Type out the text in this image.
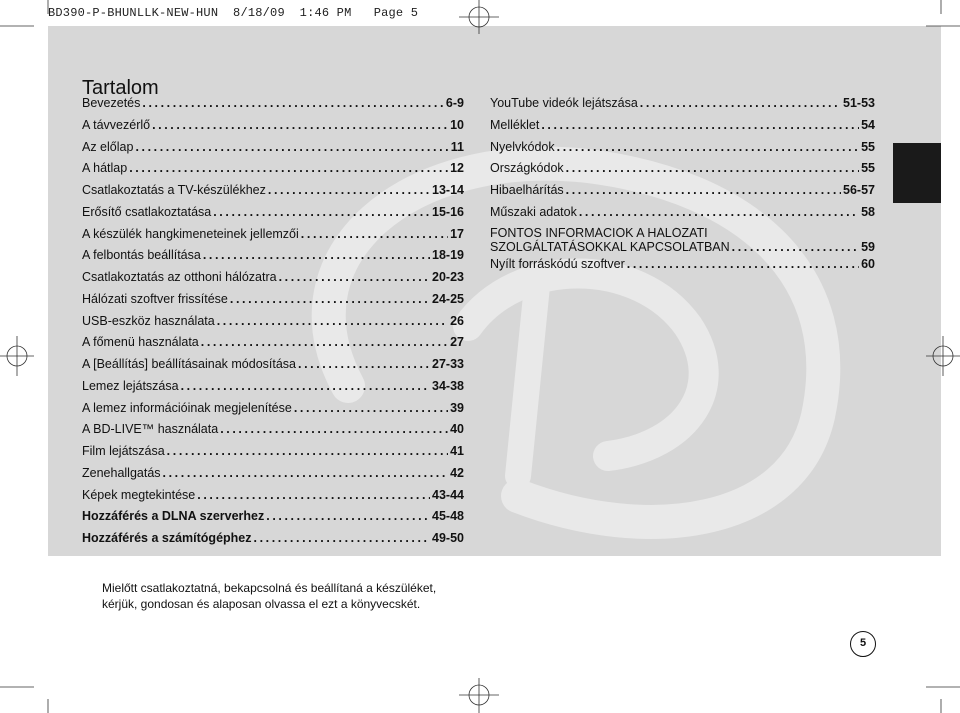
BD390-P-BHUNLLK-NEW-HUN 8/18/09 1:46 PM Page 5
Tartalom
Bevezetés .....	6-9
A távvezérlő .....	10
Az előlap .....	11
A hátlap .....	12
Csatlakoztatás a TV-készülékhez .....	13-14
Erősítő csatlakoztatása .....	15-16
A készülék hangkimeneteinek jellemzői .....	17
A felbontás beállítása .....	18-19
Csatlakoztatás az otthoni hálózatra .....	20-23
Hálózati szoftver frissítése .....	24-25
USB-eszköz használata .....	26
A főmenü használata .....	27
A [Beállítás] beállításainak módosítása .....	27-33
Lemez lejátszása .....	34-38
A lemez információinak megjelenítése .....	39
A BD-LIVE™ használata .....	40
Film lejátszása .....	41
Zenehallgatás .....	42
Képek megtekintése .....	43-44
Hozzáférés a DLNA szerverhez .....	45-48
Hozzáférés a számítógéphez .....	49-50
YouTube videók lejátszása .....	51-53
Melléklet .....	54
Nyelvkódok .....	55
Országkódok .....	55
Hibaelhárítás .....	56-57
Műszaki adatok .....	58
FONTOS INFORMÁCIÓK A HÁLÓZATI
SZOLGÁLTATÁSOKKAL KAPCSOLATBAN .....	59
Nyílt forráskódú szoftver .....	60

Mielőtt csatlakoztatná, bekapcsolná és beállítaná a készüléket, kérjük, gondosan és alaposan olvassa el ezt a könyvecskét.

5
